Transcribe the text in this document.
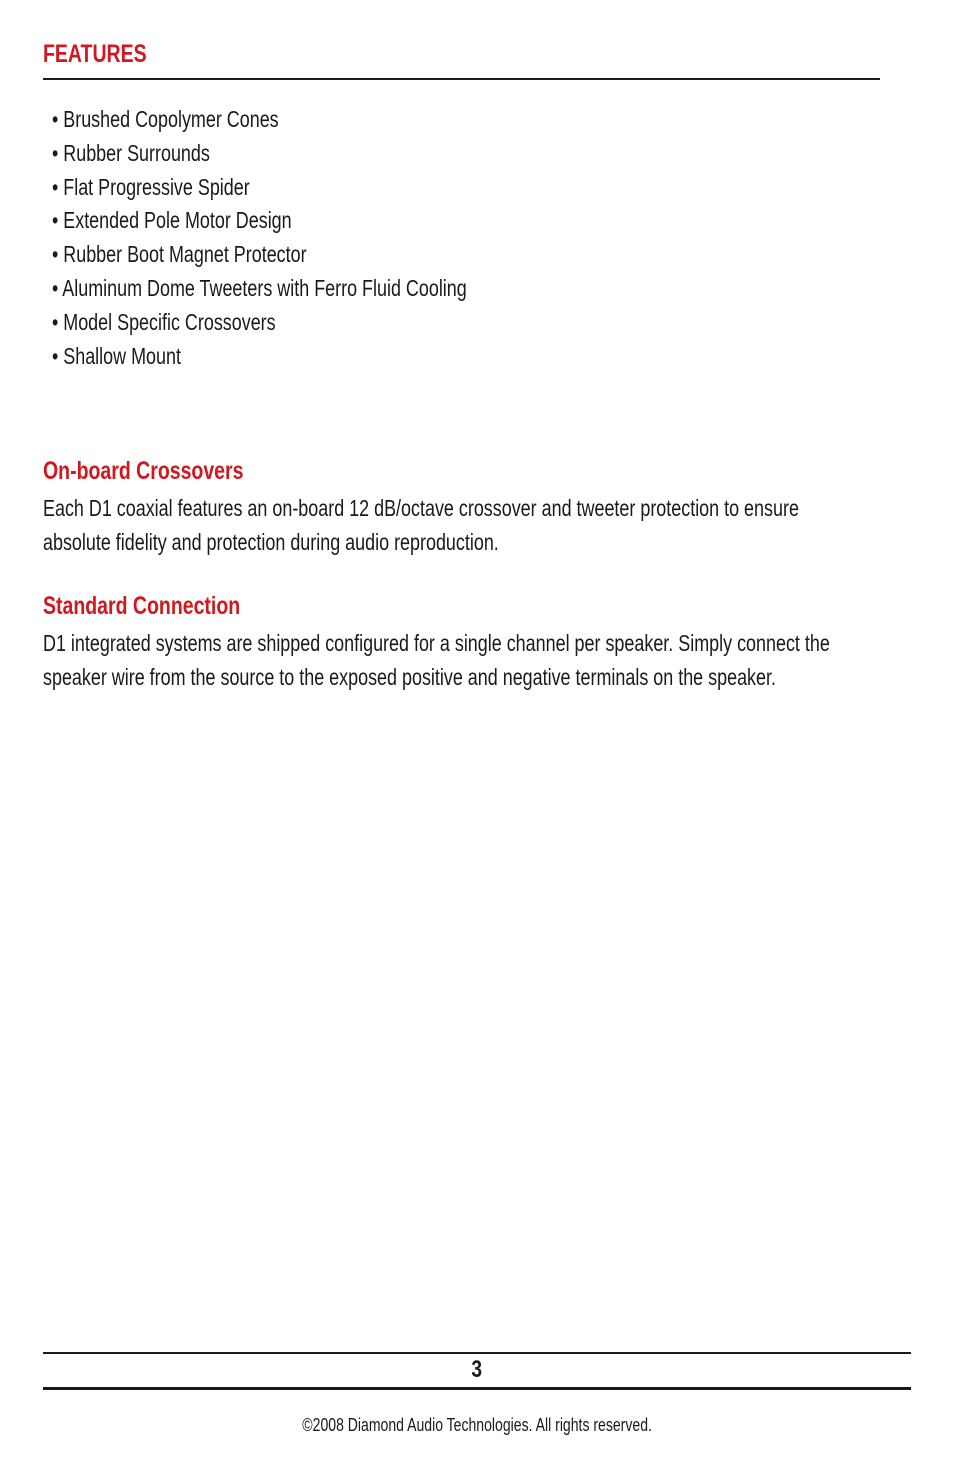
FEATURES
• Brushed Copolymer Cones
• Rubber Surrounds
• Flat Progressive Spider
• Extended Pole Motor Design
• Rubber Boot Magnet Protector
• Aluminum Dome Tweeters with Ferro Fluid Cooling
• Model Specific Crossovers
• Shallow Mount
On-board Crossovers
Each D1 coaxial features an on-board 12 dB/octave crossover and tweeter protection to ensure
absolute fidelity and protection during audio reproduction.
Standard Connection
D1 integrated systems are shipped configured for a single channel per speaker. Simply connect the
speaker wire from the source to the exposed positive and negative terminals on the speaker.
3
©2008 Diamond Audio Technologies. All rights reserved.
